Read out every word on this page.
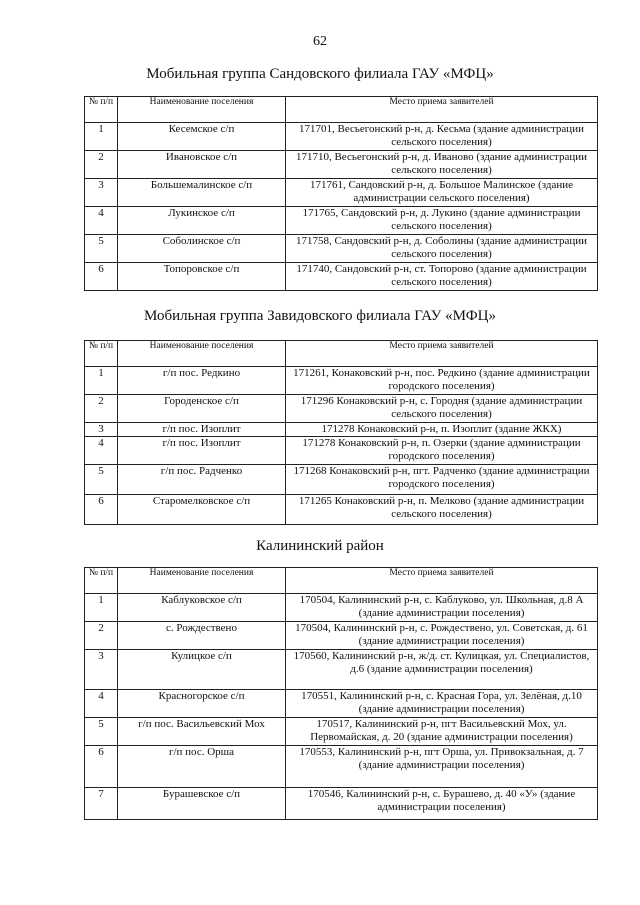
62
Мобильная группа Сандовского филиала ГАУ «МФЦ»
№ п/п	Наименование поселения	Место приема заявителей
1	Кесемское с/п	171701, Весьегонский р-н, д. Кесьма (здание администрации сельского поселения)
2	Ивановское с/п	171710, Весьегонский р-н, д. Иваново (здание администрации сельского поселения)
3	Большемалинское с/п	171761, Сандовский р-н, д. Большое Малинское (здание администрации сельского поселения)
4	Лукинское с/п	171765, Сандовский р-н, д. Лукино (здание администрации сельского поселения)
5	Соболинское с/п	171758, Сандовский р-н, д. Соболины (здание администрации сельского поселения)
6	Топоровское с/п	171740, Сандовский р-н, ст. Топорово (здание администрации сельского поселения)
Мобильная группа Завидовского филиала ГАУ «МФЦ»
№ п/п	Наименование поселения	Место приема заявителей
1	г/п пос. Редкино	171261, Конаковский р-н, пос. Редкино (здание администрации городского поселения)
2	Городенское с/п	171296 Конаковский р-н, с. Городня (здание администрации сельского поселения)
3	г/п пос. Изоплит	171278 Конаковский р-н, п. Изоплит (здание ЖКХ)
4	г/п пос. Изоплит	171278 Конаковский р-н, п. Озерки (здание администрации городского поселения)
5	г/п пос. Радченко	171268 Конаковский р-н, пгт. Радченко (здание администрации городского поселения)
6	Старомелковское с/п	171265 Конаковский р-н, п. Мелково (здание администрации сельского поселения)
Калининский район
№ п/п	Наименование поселения	Место приема заявителей
1	Каблуковское с/п	170504, Калининский р-н, с. Каблуково, ул. Школьная, д.8 А (здание администрации поселения)
2	с. Рождествено	170504, Калининский р-н, с. Рождествено, ул. Советская, д. 61 (здание администрации поселения)
3	Кулицкое с/п	170560, Калининский р-н, ж/д. ст. Кулицкая, ул. Специалистов, д.6 (здание администрации поселения)
4	Красногорское с/п	170551, Калининский р-н, с. Красная Гора, ул. Зелёная, д.10 (здание администрации поселения)
5	г/п пос. Васильевский Мох	170517, Калининский р-н, пгт Васильевский Мох, ул. Первомайская, д. 20 (здание администрации поселения)
6	г/п пос. Орша	170553, Калининский р-н, пгт Орша, ул. Привокзальная, д. 7 (здание администрации поселения)
7	Бурашевское с/п	170546, Калининский р-н, с. Бурашево, д. 40 «У» (здание администрации поселения)
